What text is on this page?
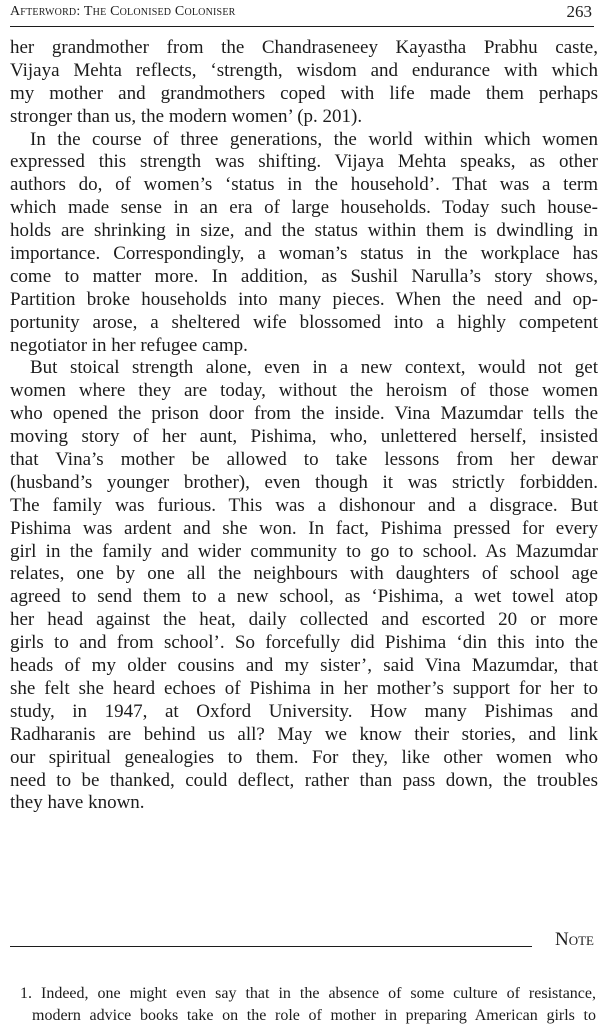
Afterword: The Colonised Coloniser	263
her grandmother from the Chandraseneey Kayastha Prabhu caste,
Vijaya Mehta reflects, ‘strength, wisdom and endurance with which
my mother and grandmothers coped with life made them perhaps
stronger than us, the modern women’ (p. 201).
In the course of three generations, the world within which women
expressed this strength was shifting. Vijaya Mehta speaks, as other
authors do, of women’s ‘status in the household’. That was a term
which made sense in an era of large households. Today such house-
holds are shrinking in size, and the status within them is dwindling in
importance. Correspondingly, a woman’s status in the workplace has
come to matter more. In addition, as Sushil Narulla’s story shows,
Partition broke households into many pieces. When the need and op-
portunity arose, a sheltered wife blossomed into a highly competent
negotiator in her refugee camp.
But stoical strength alone, even in a new context, would not get
women where they are today, without the heroism of those women
who opened the prison door from the inside. Vina Mazumdar tells the
moving story of her aunt, Pishima, who, unlettered herself, insisted
that Vina’s mother be allowed to take lessons from her dewar
(husband’s younger brother), even though it was strictly forbidden.
The family was furious. This was a dishonour and a disgrace. But
Pishima was ardent and she won. In fact, Pishima pressed for every
girl in the family and wider community to go to school. As Mazumdar
relates, one by one all the neighbours with daughters of school age
agreed to send them to a new school, as ‘Pishima, a wet towel atop
her head against the heat, daily collected and escorted 20 or more
girls to and from school’. So forcefully did Pishima ‘din this into the
heads of my older cousins and my sister’, said Vina Mazumdar, that
she felt she heard echoes of Pishima in her mother’s support for her to
study, in 1947, at Oxford University. How many Pishimas and
Radharanis are behind us all? May we know their stories, and link
our spiritual genealogies to them. For they, like other women who
need to be thanked, could deflect, rather than pass down, the troubles
they have known.
Note
1. Indeed, one might even say that in the absence of some culture of resistance,
modern advice books take on the role of mother in preparing American girls to
